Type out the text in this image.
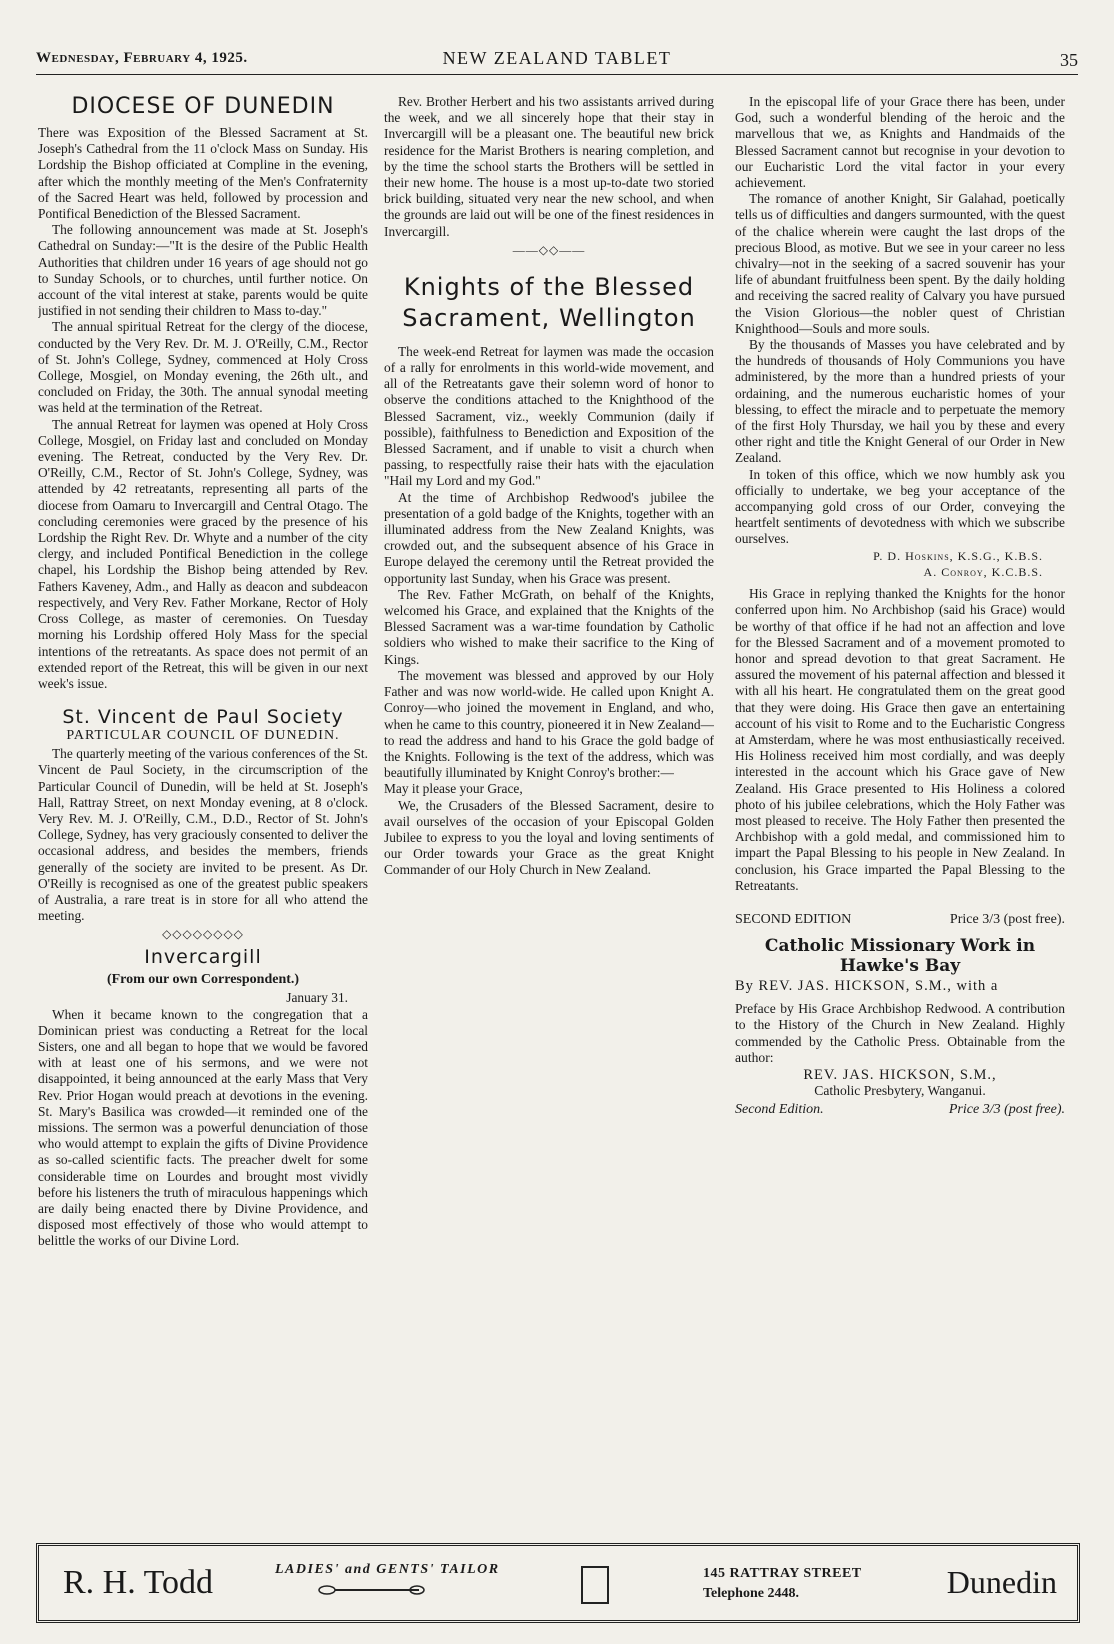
Wednesday, February 4, 1925.	NEW ZEALAND TABLET	35
DIOCESE OF DUNEDIN

There was Exposition of the Blessed Sacrament at St. Joseph's Cathedral from the 11 o'clock Mass on Sunday. His Lordship the Bishop officiated at Compline in the evening, after which the monthly meeting of the Men's Confraternity of the Sacred Heart was held, followed by procession and Pontifical Benediction of the Blessed Sacrament.

The following announcement was made at St. Joseph's Cathedral on Sunday:—"It is the desire of the Public Health Authorities that children under 16 years of age should not go to Sunday Schools, or to churches, until further notice. On account of the vital interest at stake, parents would be quite justified in not sending their children to Mass to-day."

The annual spiritual Retreat for the clergy of the diocese, conducted by the Very Rev. Dr. M. J. O'Reilly, C.M., Rector of St. John's College, Sydney, commenced at Holy Cross College, Mosgiel, on Monday evening, the 26th ult., and concluded on Friday, the 30th. The annual synodal meeting was held at the termination of the Retreat.

The annual Retreat for laymen was opened at Holy Cross College, Mosgiel, on Friday last and concluded on Monday evening. The Retreat, conducted by the Very Rev. Dr. O'Reilly, C.M., Rector of St. John's College, Sydney, was attended by 42 retreatants, representing all parts of the diocese from Oamaru to Invercargill and Central Otago. The concluding ceremonies were graced by the presence of his Lordship the Right Rev. Dr. Whyte and a number of the city clergy, and included Pontifical Benediction in the college chapel, his Lordship the Bishop being attended by Rev. Fathers Kaveney, Adm., and Hally as deacon and subdeacon respectively, and Very Rev. Father Morkane, Rector of Holy Cross College, as master of ceremonies. On Tuesday morning his Lordship offered Holy Mass for the special intentions of the retreatants. As space does not permit of an extended report of the Retreat, this will be given in our next week's issue.

St. Vincent de Paul Society
PARTICULAR COUNCIL OF DUNEDIN.

The quarterly meeting of the various conferences of the St. Vincent de Paul Society, in the circumscription of the Particular Council of Dunedin, will be held at St. Joseph's Hall, Rattray Street, on next Monday evening, at 8 o'clock. Very Rev. M. J. O'Reilly, C.M., D.D., Rector of St. John's College, Sydney, has very graciously consented to deliver the occasional address, and besides the members, friends generally of the society are invited to be present. As Dr. O'Reilly is recognised as one of the greatest public speakers of Australia, a rare treat is in store for all who attend the meeting.

◇◇◇◇◇◇◇◇
Invercargill
(From our own Correspondent.)

January 31.

When it became known to the congregation that a Dominican priest was conducting a Retreat for the local Sisters, one and all began to hope that we would be favored with at least one of his sermons, and we were not disappointed, it being announced at the early Mass that Very Rev. Prior Hogan would preach at devotions in the evening. St. Mary's Basilica was crowded—it reminded one of the missions. The sermon was a powerful denunciation of those who would attempt to explain the gifts of Divine Providence as so-called scientific facts. The preacher dwelt for some considerable time on Lourdes and brought most vividly before his listeners the truth of miraculous happenings which are daily being enacted there by Divine Providence, and disposed most effectively of those who would attempt to belittle the works of our Divine Lord.

Rev. Brother Herbert and his two assistants arrived during the week, and we all sincerely hope that their stay in Invercargill will be a pleasant one. The beautiful new brick residence for the Marist Brothers is nearing completion, and by the time the school starts the Brothers will be settled in their new home. The house is a most up-to-date two storied brick building, situated very near the new school, and when the grounds are laid out will be one of the finest residences in Invercargill.

——◇◇——
Knights of the Blessed Sacrament, Wellington

The week-end Retreat for laymen was made the occasion of a rally for enrolments in this world-wide movement, and all of the Retreatants gave their solemn word of honor to observe the conditions attached to the Knighthood of the Blessed Sacrament, viz., weekly Communion (daily if possible), faithfulness to Benediction and Exposition of the Blessed Sacrament, and if unable to visit a church when passing, to respectfully raise their hats with the ejaculation "Hail my Lord and my God."

At the time of Archbishop Redwood's jubilee the presentation of a gold badge of the Knights, together with an illuminated address from the New Zealand Knights, was crowded out, and the subsequent absence of his Grace in Europe delayed the ceremony until the Retreat provided the opportunity last Sunday, when his Grace was present.

The Rev. Father McGrath, on behalf of the Knights, welcomed his Grace, and explained that the Knights of the Blessed Sacrament was a war-time foundation by Catholic soldiers who wished to make their sacrifice to the King of Kings.

The movement was blessed and approved by our Holy Father and was now world-wide. He called upon Knight A. Conroy—who joined the movement in England, and who, when he came to this country, pioneered it in New Zealand—to read the address and hand to his Grace the gold badge of the Knights. Following is the text of the address, which was beautifully illuminated by Knight Conroy's brother:—

May it please your Grace,

We, the Crusaders of the Blessed Sacrament, desire to avail ourselves of the occasion of your Episcopal Golden Jubilee to express to you the loyal and loving sentiments of our Order towards your Grace as the great Knight Commander of our Holy Church in New Zealand.

In the episcopal life of your Grace there has been, under God, such a wonderful blending of the heroic and the marvellous that we, as Knights and Handmaids of the Blessed Sacrament cannot but recognise in your devotion to our Eucharistic Lord the vital factor in your every achievement.

The romance of another Knight, Sir Galahad, poetically tells us of difficulties and dangers surmounted, with the quest of the chalice wherein were caught the last drops of the precious Blood, as motive. But we see in your career no less chivalry—not in the seeking of a sacred souvenir has your life of abundant fruitfulness been spent. By the daily holding and receiving the sacred reality of Calvary you have pursued the Vision Glorious—the nobler quest of Christian Knighthood—Souls and more souls.

By the thousands of Masses you have celebrated and by the hundreds of thousands of Holy Communions you have administered, by the more than a hundred priests of your ordaining, and the numerous eucharistic homes of your blessing, to effect the miracle and to perpetuate the memory of the first Holy Thursday, we hail you by these and every other right and title the Knight General of our Order in New Zealand.

In token of this office, which we now humbly ask you officially to undertake, we beg your acceptance of the accompanying gold cross of our Order, conveying the heartfelt sentiments of devotedness with which we subscribe ourselves.

P. D. Hoskins, K.S.G., K.B.S.

A. Conroy, K.C.B.S.

His Grace in replying thanked the Knights for the honor conferred upon him. No Archbishop (said his Grace) would be worthy of that office if he had not an affection and love for the Blessed Sacrament and of a movement promoted to honor and spread devotion to that great Sacrament. He assured the movement of his paternal affection and blessed it with all his heart. He congratulated them on the great good that they were doing. His Grace then gave an entertaining account of his visit to Rome and to the Eucharistic Congress at Amsterdam, where he was most enthusiastically received. His Holiness received him most cordially, and was deeply interested in the account which his Grace gave of New Zealand. His Grace presented to His Holiness a colored photo of his jubilee celebrations, which the Holy Father was most pleased to receive. The Holy Father then presented the Archbishop with a gold medal, and commissioned him to impart the Papal Blessing to his people in New Zealand. In conclusion, his Grace imparted the Papal Blessing to the Retreatants.

SECOND EDITION	Price 3/3 (post free).
Catholic Missionary Work in Hawke's Bay
By REV. JAS. HICKSON, S.M., with a

Preface by His Grace Archbishop Redwood. A contribution to the History of the Church in New Zealand. Highly commended by the Catholic Press. Obtainable from the author:

REV. JAS. HICKSON, S.M.,

Catholic Presbytery, Wanganui.

Second Edition.	Price 3/3 (post free).
R. H. Todd	LADIES' and GENTS' TAILOR	145 RATTRAY STREET
Telephone 2448.	Dunedin
